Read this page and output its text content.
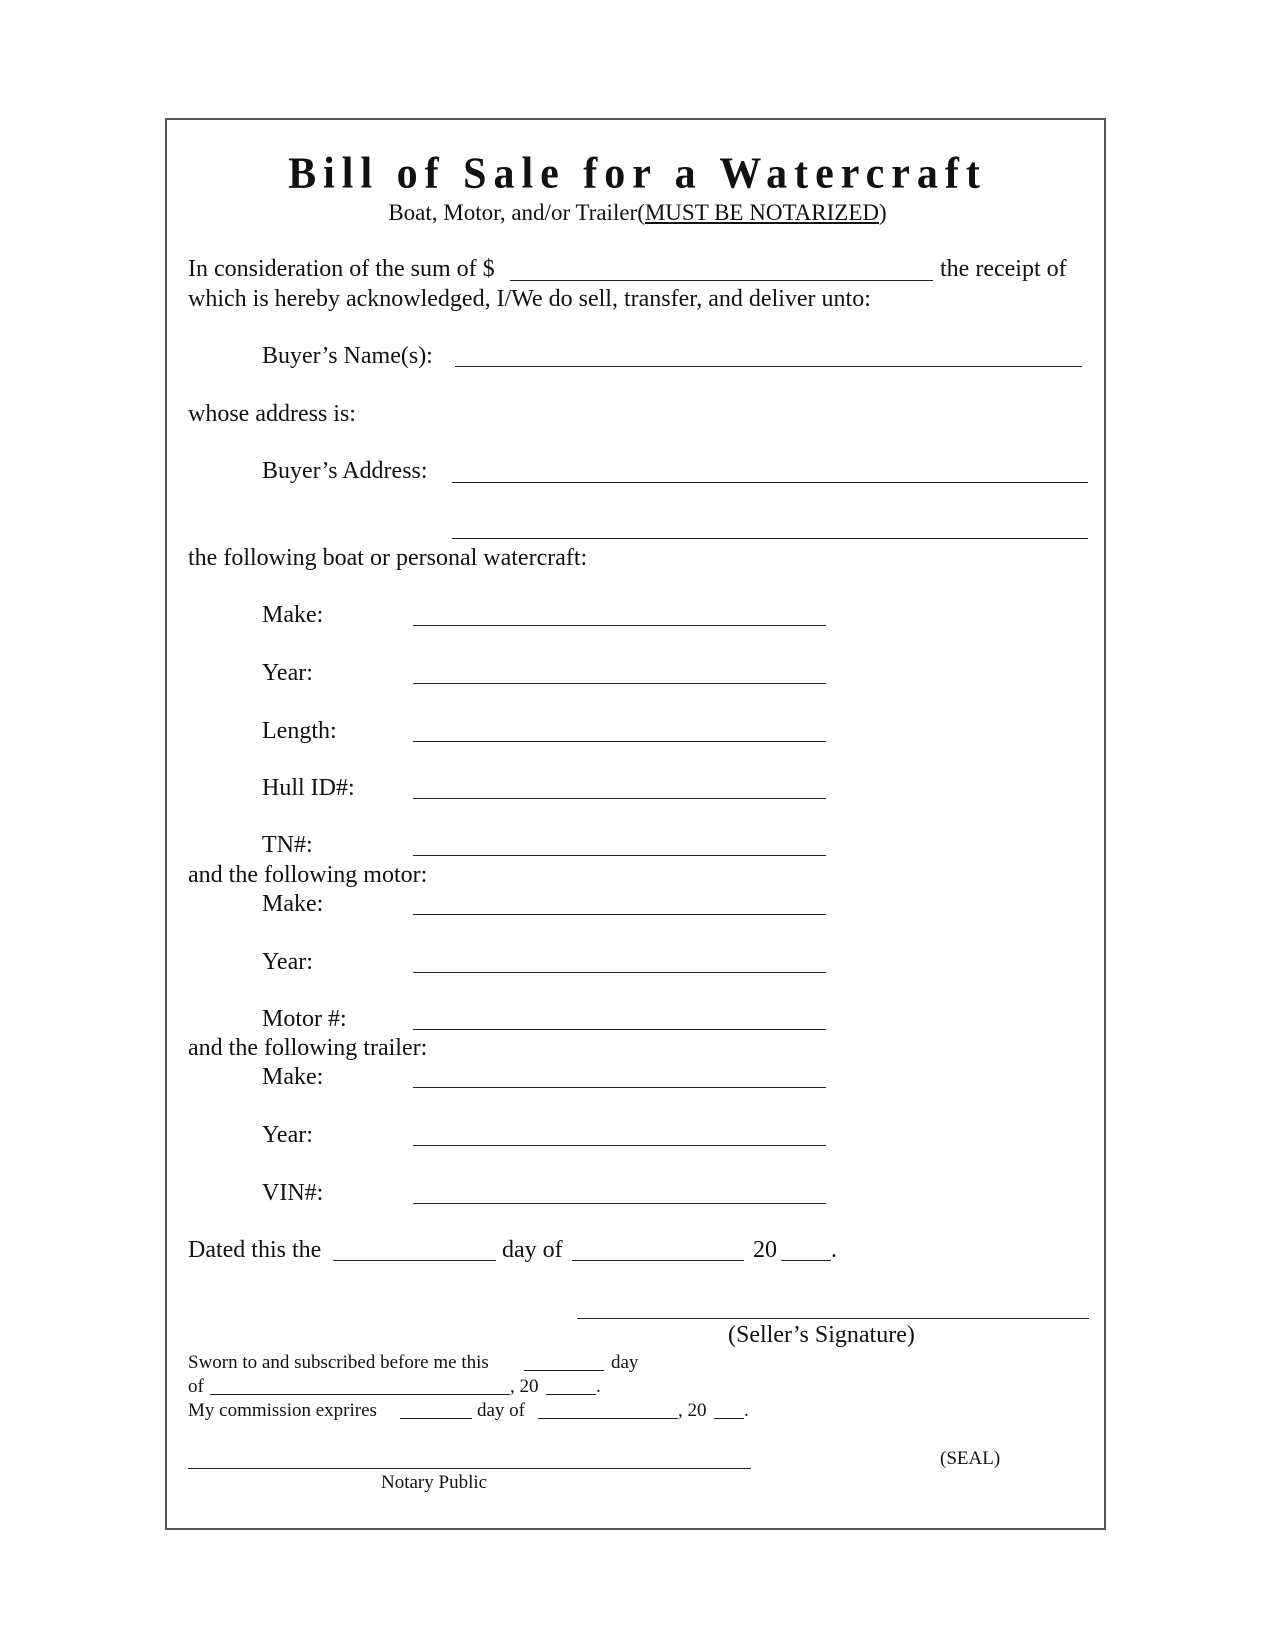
Bill of Sale for a Watercraft
Boat, Motor, and/or Trailer(MUST BE NOTARIZED)
In consideration of the sum of $	the receipt of
which is hereby acknowledged, I/We do sell, transfer, and deliver unto:
Buyer’s Name(s):
whose address is:
Buyer’s Address:
the following boat or personal watercraft:
Make:
Year:
Length:
Hull ID#:
TN#:
and the following motor:
Make:
Year:
Motor #:
and the following trailer:
Make:
Year:
VIN#:
Dated this the	day of	20 .
(Seller’s Signature)
Sworn to and subscribed before me this	day
of	, 20	.
My commission exprires	day of	, 20 .
(SEAL)
Notary Public
